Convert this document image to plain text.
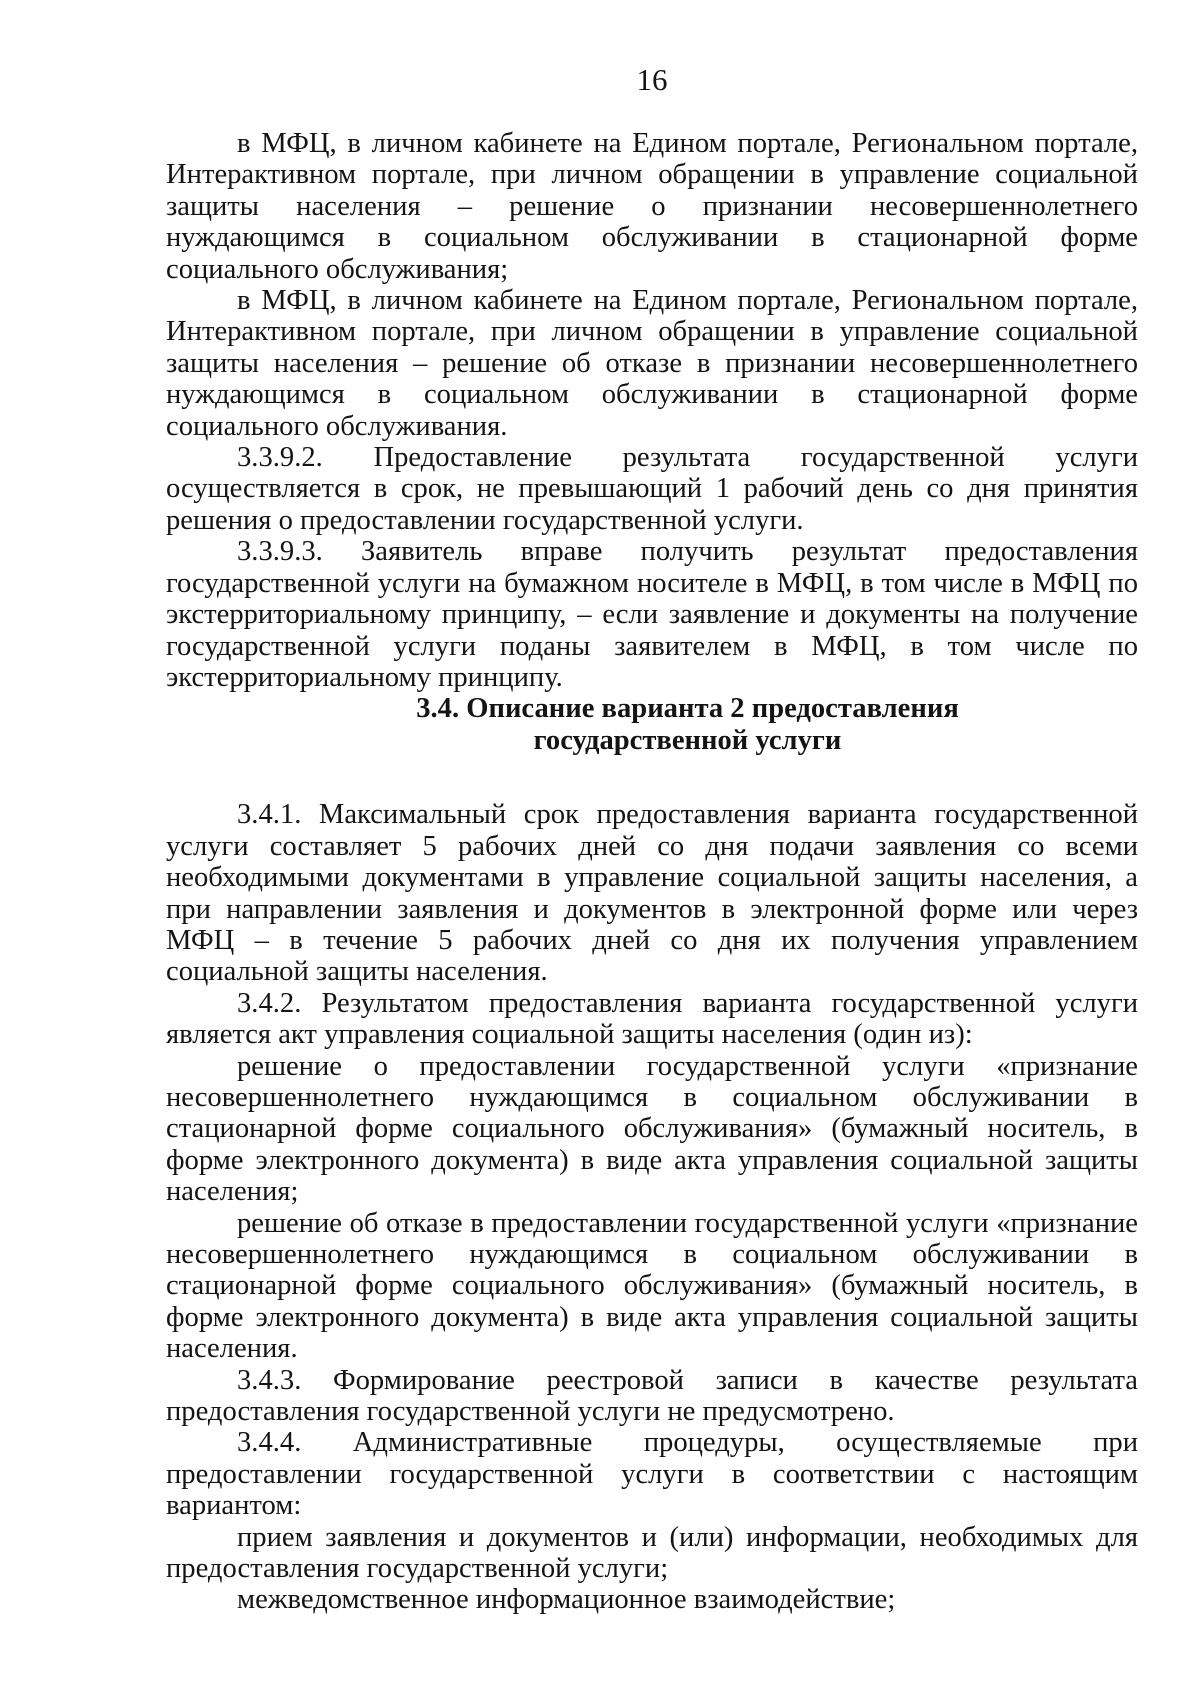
16

в МФЦ, в личном кабинете на Едином портале, Региональном портале, Интерактивном портале, при личном обращении в управление социальной защиты населения – решение о признании несовершеннолетнего нуждающимся в социальном обслуживании в стационарной форме социального обслуживания;

в МФЦ, в личном кабинете на Едином портале, Региональном портале, Интерактивном портале, при личном обращении в управление социальной защиты населения – решение об отказе в признании несовершеннолетнего нуждающимся в социальном обслуживании в стационарной форме социального обслуживания.

3.3.9.2. Предоставление результата государственной услуги осуществляется в срок, не превышающий 1 рабочий день со дня принятия решения о предоставлении государственной услуги.

3.3.9.3. Заявитель вправе получить результат предоставления государственной услуги на бумажном носителе в МФЦ, в том числе в МФЦ по экстерриториальному принципу, – если заявление и документы на получение государственной услуги поданы заявителем в МФЦ, в том числе по экстерриториальному принципу.

3.4. Описание варианта 2 предоставления
государственной услуги

3.4.1. Максимальный срок предоставления варианта государственной услуги составляет 5 рабочих дней со дня подачи заявления со всеми необходимыми документами в управление социальной защиты населения, а при направлении заявления и документов в электронной форме или через МФЦ – в течение 5 рабочих дней со дня их получения управлением социальной защиты населения.

3.4.2. Результатом предоставления варианта государственной услуги является акт управления социальной защиты населения (один из):

решение о предоставлении государственной услуги «признание несовершеннолетнего нуждающимся в социальном обслуживании в стационарной форме социального обслуживания» (бумажный носитель, в форме электронного документа) в виде акта управления социальной защиты населения;

решение об отказе в предоставлении государственной услуги «признание несовершеннолетнего нуждающимся в социальном обслуживании в стационарной форме социального обслуживания» (бумажный носитель, в форме электронного документа) в виде акта управления социальной защиты населения.

3.4.3. Формирование реестровой записи в качестве результата предоставления государственной услуги не предусмотрено.

3.4.4. Административные процедуры, осуществляемые при предоставлении государственной услуги в соответствии с настоящим вариантом:

прием заявления и документов и (или) информации, необходимых для предоставления государственной услуги;

межведомственное информационное взаимодействие;
